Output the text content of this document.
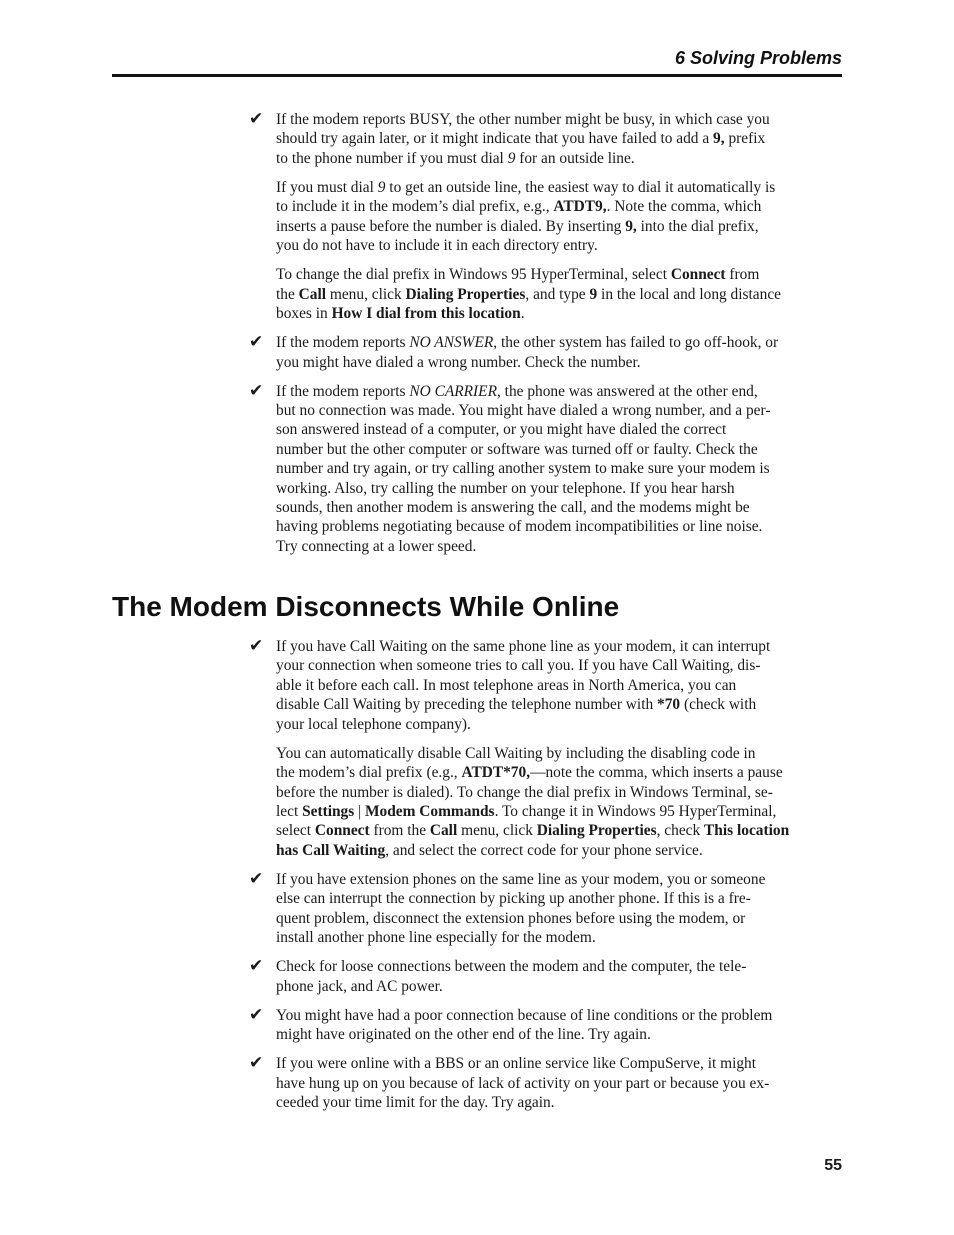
6 Solving Problems
✔ If the modem reports BUSY, the other number might be busy, in which case you
should try again later, or it might indicate that you have failed to add a 9, prefix
to the phone number if you must dial 9 for an outside line.
If you must dial 9 to get an outside line, the easiest way to dial it automatically is
to include it in the modem’s dial prefix, e.g., ATDT9,. Note the comma, which
inserts a pause before the number is dialed. By inserting 9, into the dial prefix,
you do not have to include it in each directory entry.
To change the dial prefix in Windows 95 HyperTerminal, select Connect from
the Call menu, click Dialing Properties, and type 9 in the local and long distance
boxes in How I dial from this location.
✔ If the modem reports NO ANSWER, the other system has failed to go off-hook, or
you might have dialed a wrong number. Check the number.
✔ If the modem reports NO CARRIER, the phone was answered at the other end,
but no connection was made. You might have dialed a wrong number, and a per-
son answered instead of a computer, or you might have dialed the correct
number but the other computer or software was turned off or faulty. Check the
number and try again, or try calling another system to make sure your modem is
working. Also, try calling the number on your telephone. If you hear harsh
sounds, then another modem is answering the call, and the modems might be
having problems negotiating because of modem incompatibilities or line noise.
Try connecting at a lower speed.
The Modem Disconnects While Online
✔ If you have Call Waiting on the same phone line as your modem, it can interrupt
your connection when someone tries to call you. If you have Call Waiting, dis-
able it before each call. In most telephone areas in North America, you can
disable Call Waiting by preceding the telephone number with *70 (check with
your local telephone company).
You can automatically disable Call Waiting by including the disabling code in
the modem’s dial prefix (e.g., ATDT*70,—note the comma, which inserts a pause
before the number is dialed). To change the dial prefix in Windows Terminal, se-
lect Settings | Modem Commands. To change it in Windows 95 HyperTerminal,
select Connect from the Call menu, click Dialing Properties, check This location
has Call Waiting, and select the correct code for your phone service.
✔ If you have extension phones on the same line as your modem, you or someone
else can interrupt the connection by picking up another phone. If this is a fre-
quent problem, disconnect the extension phones before using the modem, or
install another phone line especially for the modem.
✔ Check for loose connections between the modem and the computer, the tele-
phone jack, and AC power.
✔ You might have had a poor connection because of line conditions or the problem
might have originated on the other end of the line. Try again.
✔ If you were online with a BBS or an online service like CompuServe, it might
have hung up on you because of lack of activity on your part or because you ex-
ceeded your time limit for the day. Try again.
55
